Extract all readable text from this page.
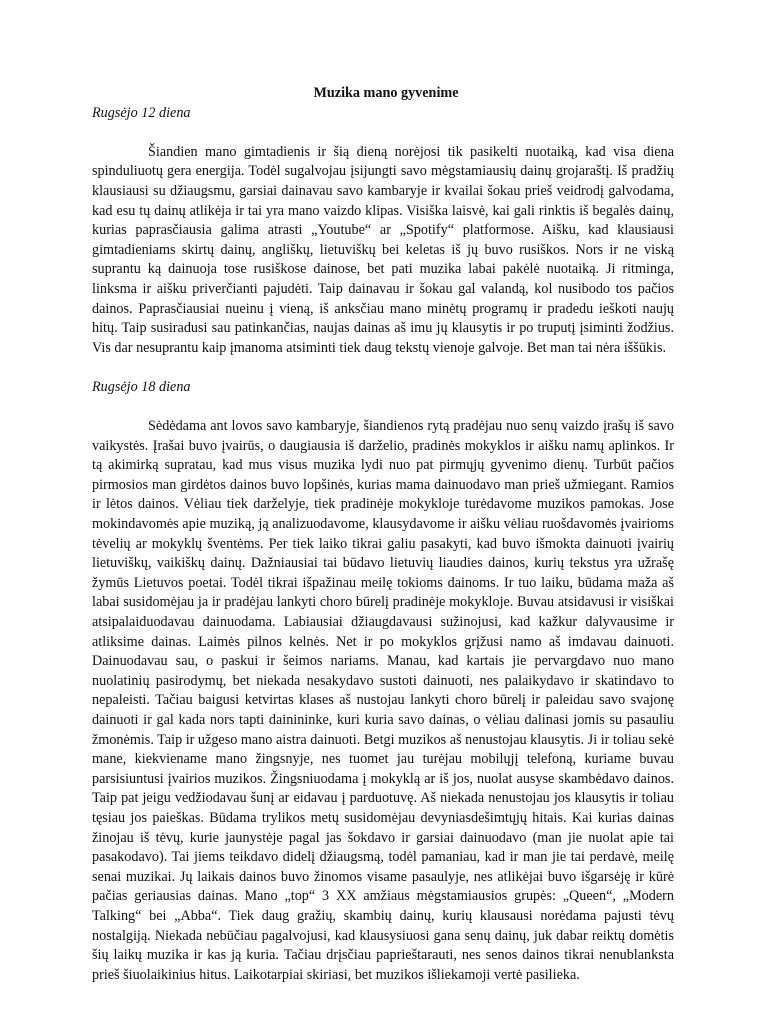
Muzika mano gyvenime
Rugsėjo 12 diena

Šiandien mano gimtadienis ir šią dieną norėjosi tik pasikelti nuotaiką, kad visa diena spinduliuotų gera energija. Todėl sugalvojau įsijungti savo mėgstamiausių dainų grojaraštį. Iš pradžių klausiausi su džiaugsmu, garsiai dainavau savo kambaryje ir kvailai šokau prieš veidrodį galvodama, kad esu tų dainų atlikėja ir tai yra mano vaizdo klipas. Visiška laisvė, kai gali rinktis iš begalės dainų, kurias paprasčiausia galima atrasti „Youtube“ ar „Spotify“ platformose. Aišku, kad klausiausi gimtadieniams skirtų dainų, angliškų, lietuviškų bei keletas iš jų buvo rusiškos. Nors ir ne viską suprantu ką dainuoja tose rusiškose dainose, bet pati muzika labai pakėlė nuotaiką. Ji ritminga, linksma ir aišku priverčianti pajudėti. Taip dainavau ir šokau gal valandą, kol nusibodo tos pačios dainos. Paprasčiausiai nueinu į vieną, iš anksčiau mano minėtų programų ir pradedu ieškoti naujų hitų. Taip susiradusi sau patinkančias, naujas dainas aš imu jų klausytis ir po truputį įsiminti žodžius. Vis dar nesuprantu kaip įmanoma atsiminti tiek daug tekstų vienoje galvoje. Bet man tai nėra iššūkis.

Rugsėjo 18 diena

Sėdėdama ant lovos savo kambaryje, šiandienos rytą pradėjau nuo senų vaizdo įrašų iš savo vaikystės. Įrašai buvo įvairūs, o daugiausia iš darželio, pradinės mokyklos ir aišku namų aplinkos. Ir tą akimirką supratau, kad mus visus muzika lydi nuo pat pirmųjų gyvenimo dienų. Turbūt pačios pirmosios man girdėtos dainos buvo lopšinės, kurias mama dainuodavo man prieš užmiegant. Ramios ir lėtos dainos. Vėliau tiek darželyje, tiek pradinėje mokykloje turėdavome muzikos pamokas. Jose mokindavomės apie muziką, ją analizuodavome, klausydavome ir aišku vėliau ruošdavomės įvairioms tėvelių ar mokyklų šventėms. Per tiek laiko tikrai galiu pasakyti, kad buvo išmokta dainuoti įvairių lietuviškų, vaikiškų dainų. Dažniausiai tai būdavo lietuvių liaudies dainos, kurių tekstus yra užrašę žymūs Lietuvos poetai. Todėl tikrai išpažinau meilę tokioms dainoms. Ir tuo laiku, būdama maža aš labai susidomėjau ja ir pradėjau lankyti choro būrelį pradinėje mokykloje. Buvau atsidavusi ir visiškai atsipalaiduodavau dainuodama. Labiausiai džiaugdavausi sužinojusi, kad kažkur dalyvausime ir atliksime dainas. Laimės pilnos kelnės. Net ir po mokyklos grįžusi namo aš imdavau dainuoti. Dainuodavau sau, o paskui ir šeimos nariams. Manau, kad kartais jie pervargdavo nuo mano nuolatinių pasirodymų, bet niekada nesakydavo sustoti dainuoti, nes palaikydavo ir skatindavo to nepaleisti. Tačiau baigusi ketvirtas klases aš nustojau lankyti choro būrelį ir paleidau savo svajonę dainuoti ir gal kada nors tapti dainininke, kuri kuria savo dainas, o vėliau dalinasi jomis su pasauliu žmonėmis. Taip ir užgeso mano aistra dainuoti. Betgi muzikos aš nenustojau klausytis. Ji ir toliau sekė mane, kiekviename mano žingsnyje, nes tuomet jau turėjau mobilųjį telefoną, kuriame buvau parsisiuntusi įvairios muzikos. Žingsniuodama į mokyklą ar iš jos, nuolat ausyse skambėdavo dainos. Taip pat jeigu vedžiodavau šunį ar eidavau į parduotuvę. Aš niekada nenustojau jos klausytis ir toliau tęsiau jos paieškas. Būdama trylikos metų susidomėjau devyniasdešimtųjų hitais. Kai kurias dainas žinojau iš tėvų, kurie jaunystėje pagal jas šokdavo ir garsiai dainuodavo (man jie nuolat apie tai pasakodavo). Tai jiems teikdavo didelį džiaugsmą, todėl pamaniau, kad ir man jie tai perdavė, meilę senai muzikai. Jų laikais dainos buvo žinomos visame pasaulyje, nes atlikėjai buvo išgarsėję ir kūrė pačias geriausias dainas. Mano „top“ 3 XX amžiaus mėgstamiausios grupės: „Queen“, „Modern Talking“ bei „Abba“. Tiek daug gražių, skambių dainų, kurių klausausi norėdama pajusti tėvų nostalgiją. Niekada nebūčiau pagalvojusi, kad klausysiuosi gana senų dainų, juk dabar reiktų domėtis šių laikų muzika ir kas ją kuria. Tačiau drįsčiau paprieštarauti, nes senos dainos tikrai nenublanksta prieš šiuolaikinius hitus. Laikotarpiai skiriasi, bet muzikos išliekamoji vertė pasilieka.
